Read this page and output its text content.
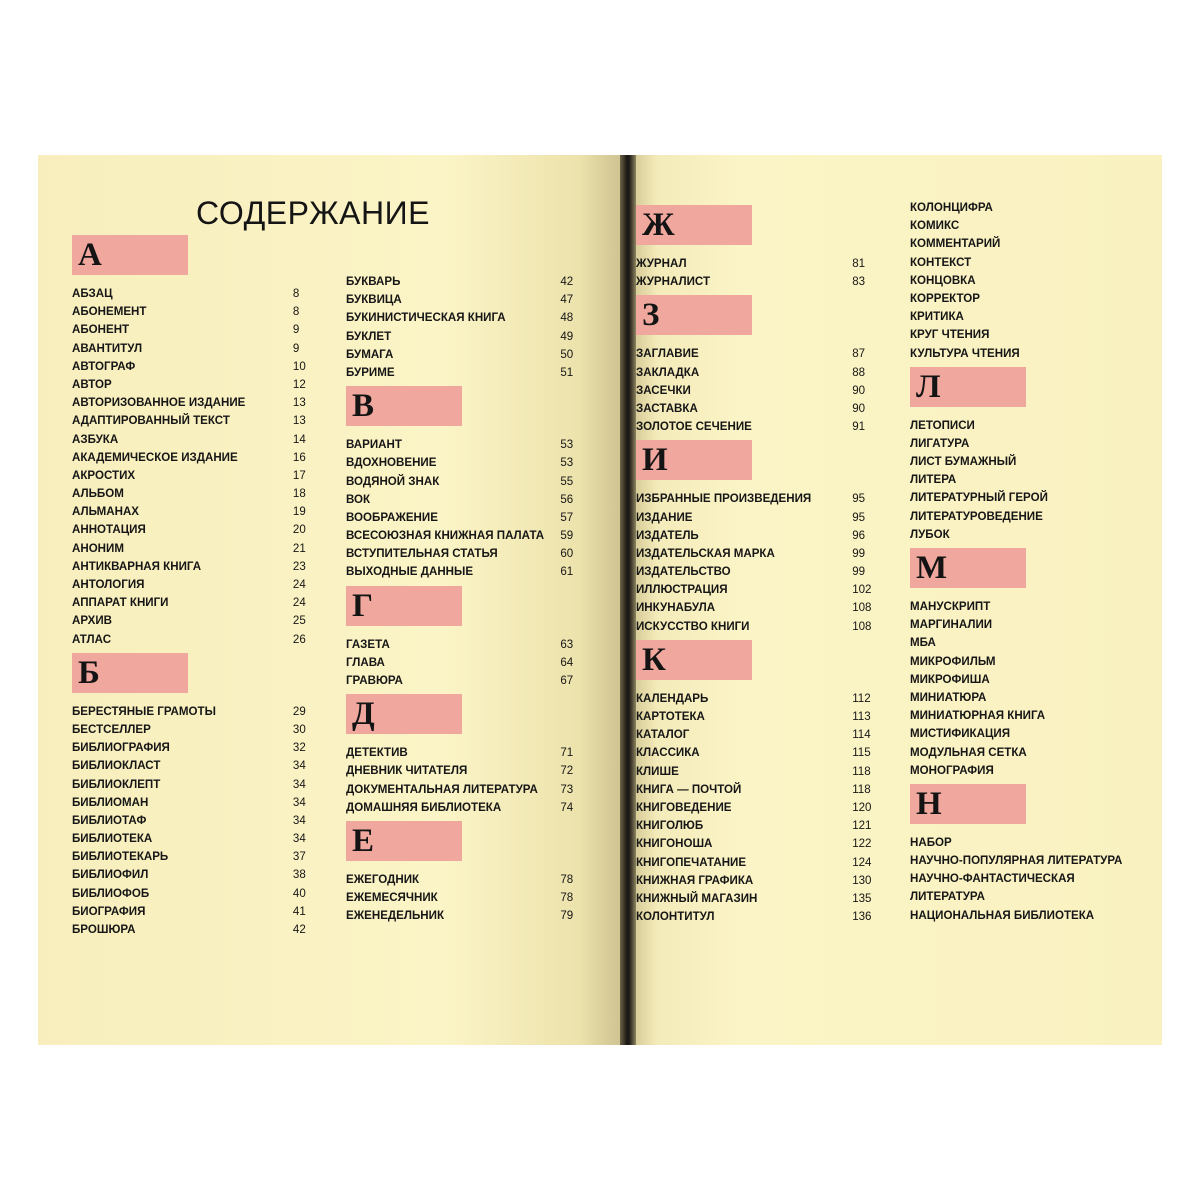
СОДЕРЖАНИЕ
А
АБЗАЦ	8
АБОНЕМЕНТ	8
АБОНЕНТ	9
АВАНТИТУЛ	9
АВТОГРАФ	10
АВТОР	12
АВТОРИЗОВАННОЕ ИЗДАНИЕ	13
АДАПТИРОВАННЫЙ ТЕКСТ	13
АЗБУКА	14
АКАДЕМИЧЕСКОЕ ИЗДАНИЕ	16
АКРОСТИХ	17
АЛЬБОМ	18
АЛЬМАНАХ	19
АННОТАЦИЯ	20
АНОНИМ	21
АНТИКВАРНАЯ КНИГА	23
АНТОЛОГИЯ	24
АППАРАТ КНИГИ	24
АРХИВ	25
АТЛАС	26
Б
БЕРЕСТЯНЫЕ ГРАМОТЫ	29
БЕСТСЕЛЛЕР	30
БИБЛИОГРАФИЯ	32
БИБЛИОКЛАСТ	34
БИБЛИОКЛЕПТ	34
БИБЛИОМАН	34
БИБЛИОТАФ	34
БИБЛИОТЕКА	34
БИБЛИОТЕКАРЬ	37
БИБЛИОФИЛ	38
БИБЛИОФОБ	40
БИОГРАФИЯ	41
БРОШЮРА	42
БУКВАРЬ	42
БУКВИЦА	47
БУКИНИСТИЧЕСКАЯ КНИГА	48
БУКЛЕТ	49
БУМАГА	50
БУРИМЕ	51
В
ВАРИАНТ	53
ВДОХНОВЕНИЕ	53
ВОДЯНОЙ ЗНАК	55
ВОК	56
ВООБРАЖЕНИЕ	57
ВСЕСОЮЗНАЯ КНИЖНАЯ ПАЛАТА 59
ВСТУПИТЕЛЬНАЯ СТАТЬЯ	60
ВЫХОДНЫЕ ДАННЫЕ	61
Г
ГАЗЕТА	63
ГЛАВА	64
ГРАВЮРА	67
Д
ДЕТЕКТИВ	71
ДНЕВНИК ЧИТАТЕЛЯ	72
ДОКУМЕНТАЛЬНАЯ ЛИТЕРАТУРА 73
ДОМАШНЯЯ БИБЛИОТЕКА	74
Е
ЕЖЕГОДНИК	78
ЕЖЕМЕСЯЧНИК	78
ЕЖЕНЕДЕЛЬНИК	79
Ж
ЖУРНАЛ	81
ЖУРНАЛИСТ	83
З
ЗАГЛАВИЕ	87
ЗАКЛАДКА	88
ЗАСЕЧКИ	90
ЗАСТАВКА	90
ЗОЛОТОЕ СЕЧЕНИЕ	91
И
ИЗБРАННЫЕ ПРОИЗВЕДЕНИЯ	95
ИЗДАНИЕ	95
ИЗДАТЕЛЬ	96
ИЗДАТЕЛЬСКАЯ МАРКА	99
ИЗДАТЕЛЬСТВО	99
ИЛЛЮСТРАЦИЯ	102
ИНКУНАБУЛА	108
ИСКУССТВО КНИГИ	108
К
КАЛЕНДАРЬ	112
КАРТОТЕКА	113
КАТАЛОГ	114
КЛАССИКА	115
КЛИШЕ	118
КНИГА — ПОЧТОЙ	118
КНИГОВЕДЕНИЕ	120
КНИГОЛЮБ	121
КНИГОНОША	122
КНИГОПЕЧАТАНИЕ	124
КНИЖНАЯ ГРАФИКА	130
КНИЖНЫЙ МАГАЗИН	135
КОЛОНТИТУЛ	136
КОЛОНЦИФРА
КОМИКС
КОММЕНТАРИЙ
КОНТЕКСТ
КОНЦОВКА
КОРРЕКТОР
КРИТИКА
КРУГ ЧТЕНИЯ
КУЛЬТУРА ЧТЕНИЯ
Л
ЛЕТОПИСИ
ЛИГАТУРА
ЛИСТ БУМАЖНЫЙ
ЛИТЕРА
ЛИТЕРАТУРНЫЙ ГЕРОЙ
ЛИТЕРАТУРОВЕДЕНИЕ
ЛУБОК
М
МАНУСКРИПТ
МАРГИНАЛИИ
МБА
МИКРОФИЛЬМ
МИКРОФИША
МИНИАТЮРА
МИНИАТЮРНАЯ КНИГА
МИСТИФИКАЦИЯ
МОДУЛЬНАЯ СЕТКА
МОНОГРАФИЯ
Н
НАБОР
НАУЧНО-ПОПУЛЯРНАЯ ЛИТЕРАТУРА
НАУЧНО-ФАНТАСТИЧЕСКАЯ
ЛИТЕРАТУРА
НАЦИОНАЛЬНАЯ БИБЛИОТЕКА
